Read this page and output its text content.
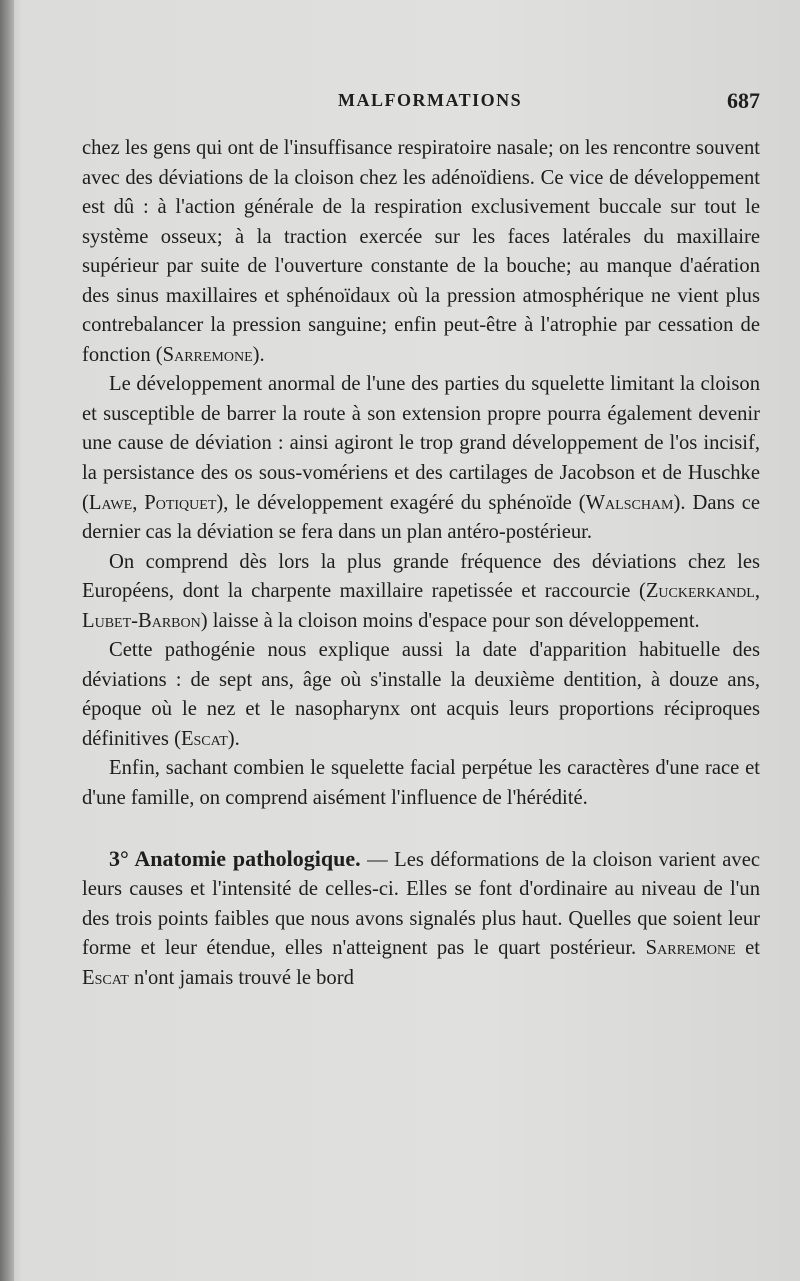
MALFORMATIONS	687

chez les gens qui ont de l'insuffisance respiratoire nasale; on les rencontre souvent avec des déviations de la cloison chez les adénoïdiens. Ce vice de développement est dû : à l'action générale de la respiration exclusivement buccale sur tout le système osseux; à la traction exercée sur les faces latérales du maxillaire supérieur par suite de l'ouverture constante de la bouche; au manque d'aération des sinus maxillaires et sphénoïdaux où la pression atmosphérique ne vient plus contrebalancer la pression sanguine; enfin peut-être à l'atrophie par cessation de fonction (Sarremone).

Le développement anormal de l'une des parties du squelette limitant la cloison et susceptible de barrer la route à son extension propre pourra également devenir une cause de déviation : ainsi agiront le trop grand développement de l'os incisif, la persistance des os sous-vomériens et des cartilages de Jacobson et de Huschke (Lawe, Potiquet), le développement exagéré du sphénoïde (Walscham). Dans ce dernier cas la déviation se fera dans un plan antéro-postérieur.

On comprend dès lors la plus grande fréquence des déviations chez les Européens, dont la charpente maxillaire rapetissée et raccourcie (Zuckerkandl, Lubet-Barbon) laisse à la cloison moins d'espace pour son développement.

Cette pathogénie nous explique aussi la date d'apparition habituelle des déviations : de sept ans, âge où s'installe la deuxième dentition, à douze ans, époque où le nez et le nasopharynx ont acquis leurs proportions réciproques définitives (Escat).

Enfin, sachant combien le squelette facial perpétue les caractères d'une race et d'une famille, on comprend aisément l'influence de l'hérédité.

3° Anatomie pathologique. — Les déformations de la cloison varient avec leurs causes et l'intensité de celles-ci. Elles se font d'ordinaire au niveau de l'un des trois points faibles que nous avons signalés plus haut. Quelles que soient leur forme et leur étendue, elles n'atteignent pas le quart postérieur. Sarremone et Escat n'ont jamais trouvé le bord
